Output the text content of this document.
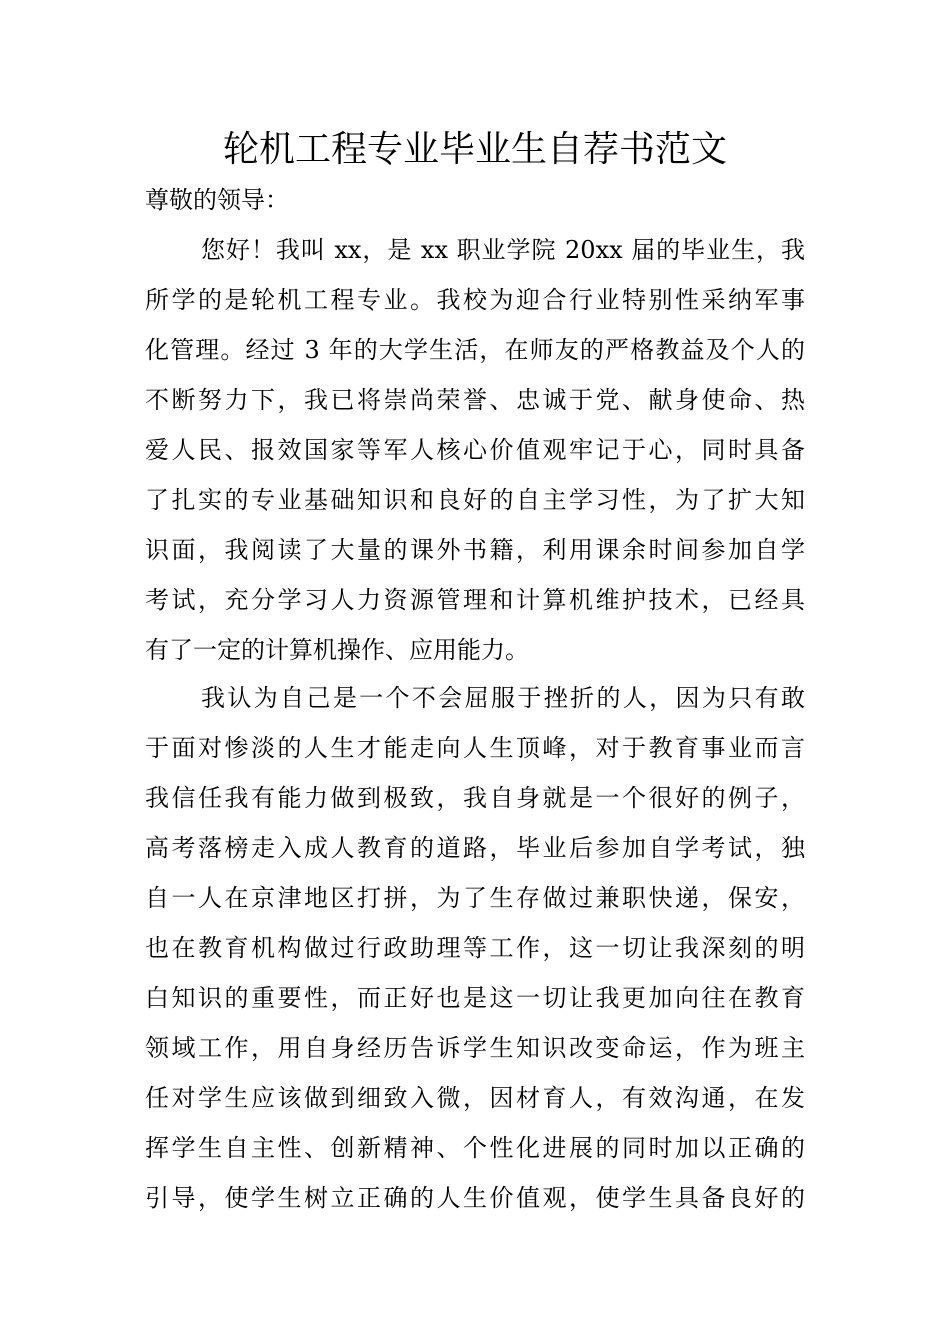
轮机工程专业毕业生自荐书范文
尊敬的领导：
您好！我叫 xx，是 xx 职业学院 20xx 届的毕业生，我
所学的是轮机工程专业。我校为迎合行业特别性采纳军事
化管理。经过 3 年的大学生活，在师友的严格教益及个人的
不断努力下，我已将崇尚荣誉、忠诚于党、献身使命、热
爱人民、报效国家等军人核心价值观牢记于心，同时具备
了扎实的专业基础知识和良好的自主学习性，为了扩大知
识面，我阅读了大量的课外书籍，利用课余时间参加自学
考试，充分学习人力资源管理和计算机维护技术，已经具
有了一定的计算机操作、应用能力。
我认为自己是一个不会屈服于挫折的人，因为只有敢
于面对惨淡的人生才能走向人生顶峰，对于教育事业而言
我信任我有能力做到极致，我自身就是一个很好的例子，
高考落榜走入成人教育的道路，毕业后参加自学考试，独
自一人在京津地区打拼，为了生存做过兼职快递，保安，
也在教育机构做过行政助理等工作，这一切让我深刻的明
白知识的重要性，而正好也是这一切让我更加向往在教育
领域工作，用自身经历告诉学生知识改变命运，作为班主
任对学生应该做到细致入微，因材育人，有效沟通，在发
挥学生自主性、创新精神、个性化进展的同时加以正确的
引导，使学生树立正确的人生价值观，使学生具备良好的
